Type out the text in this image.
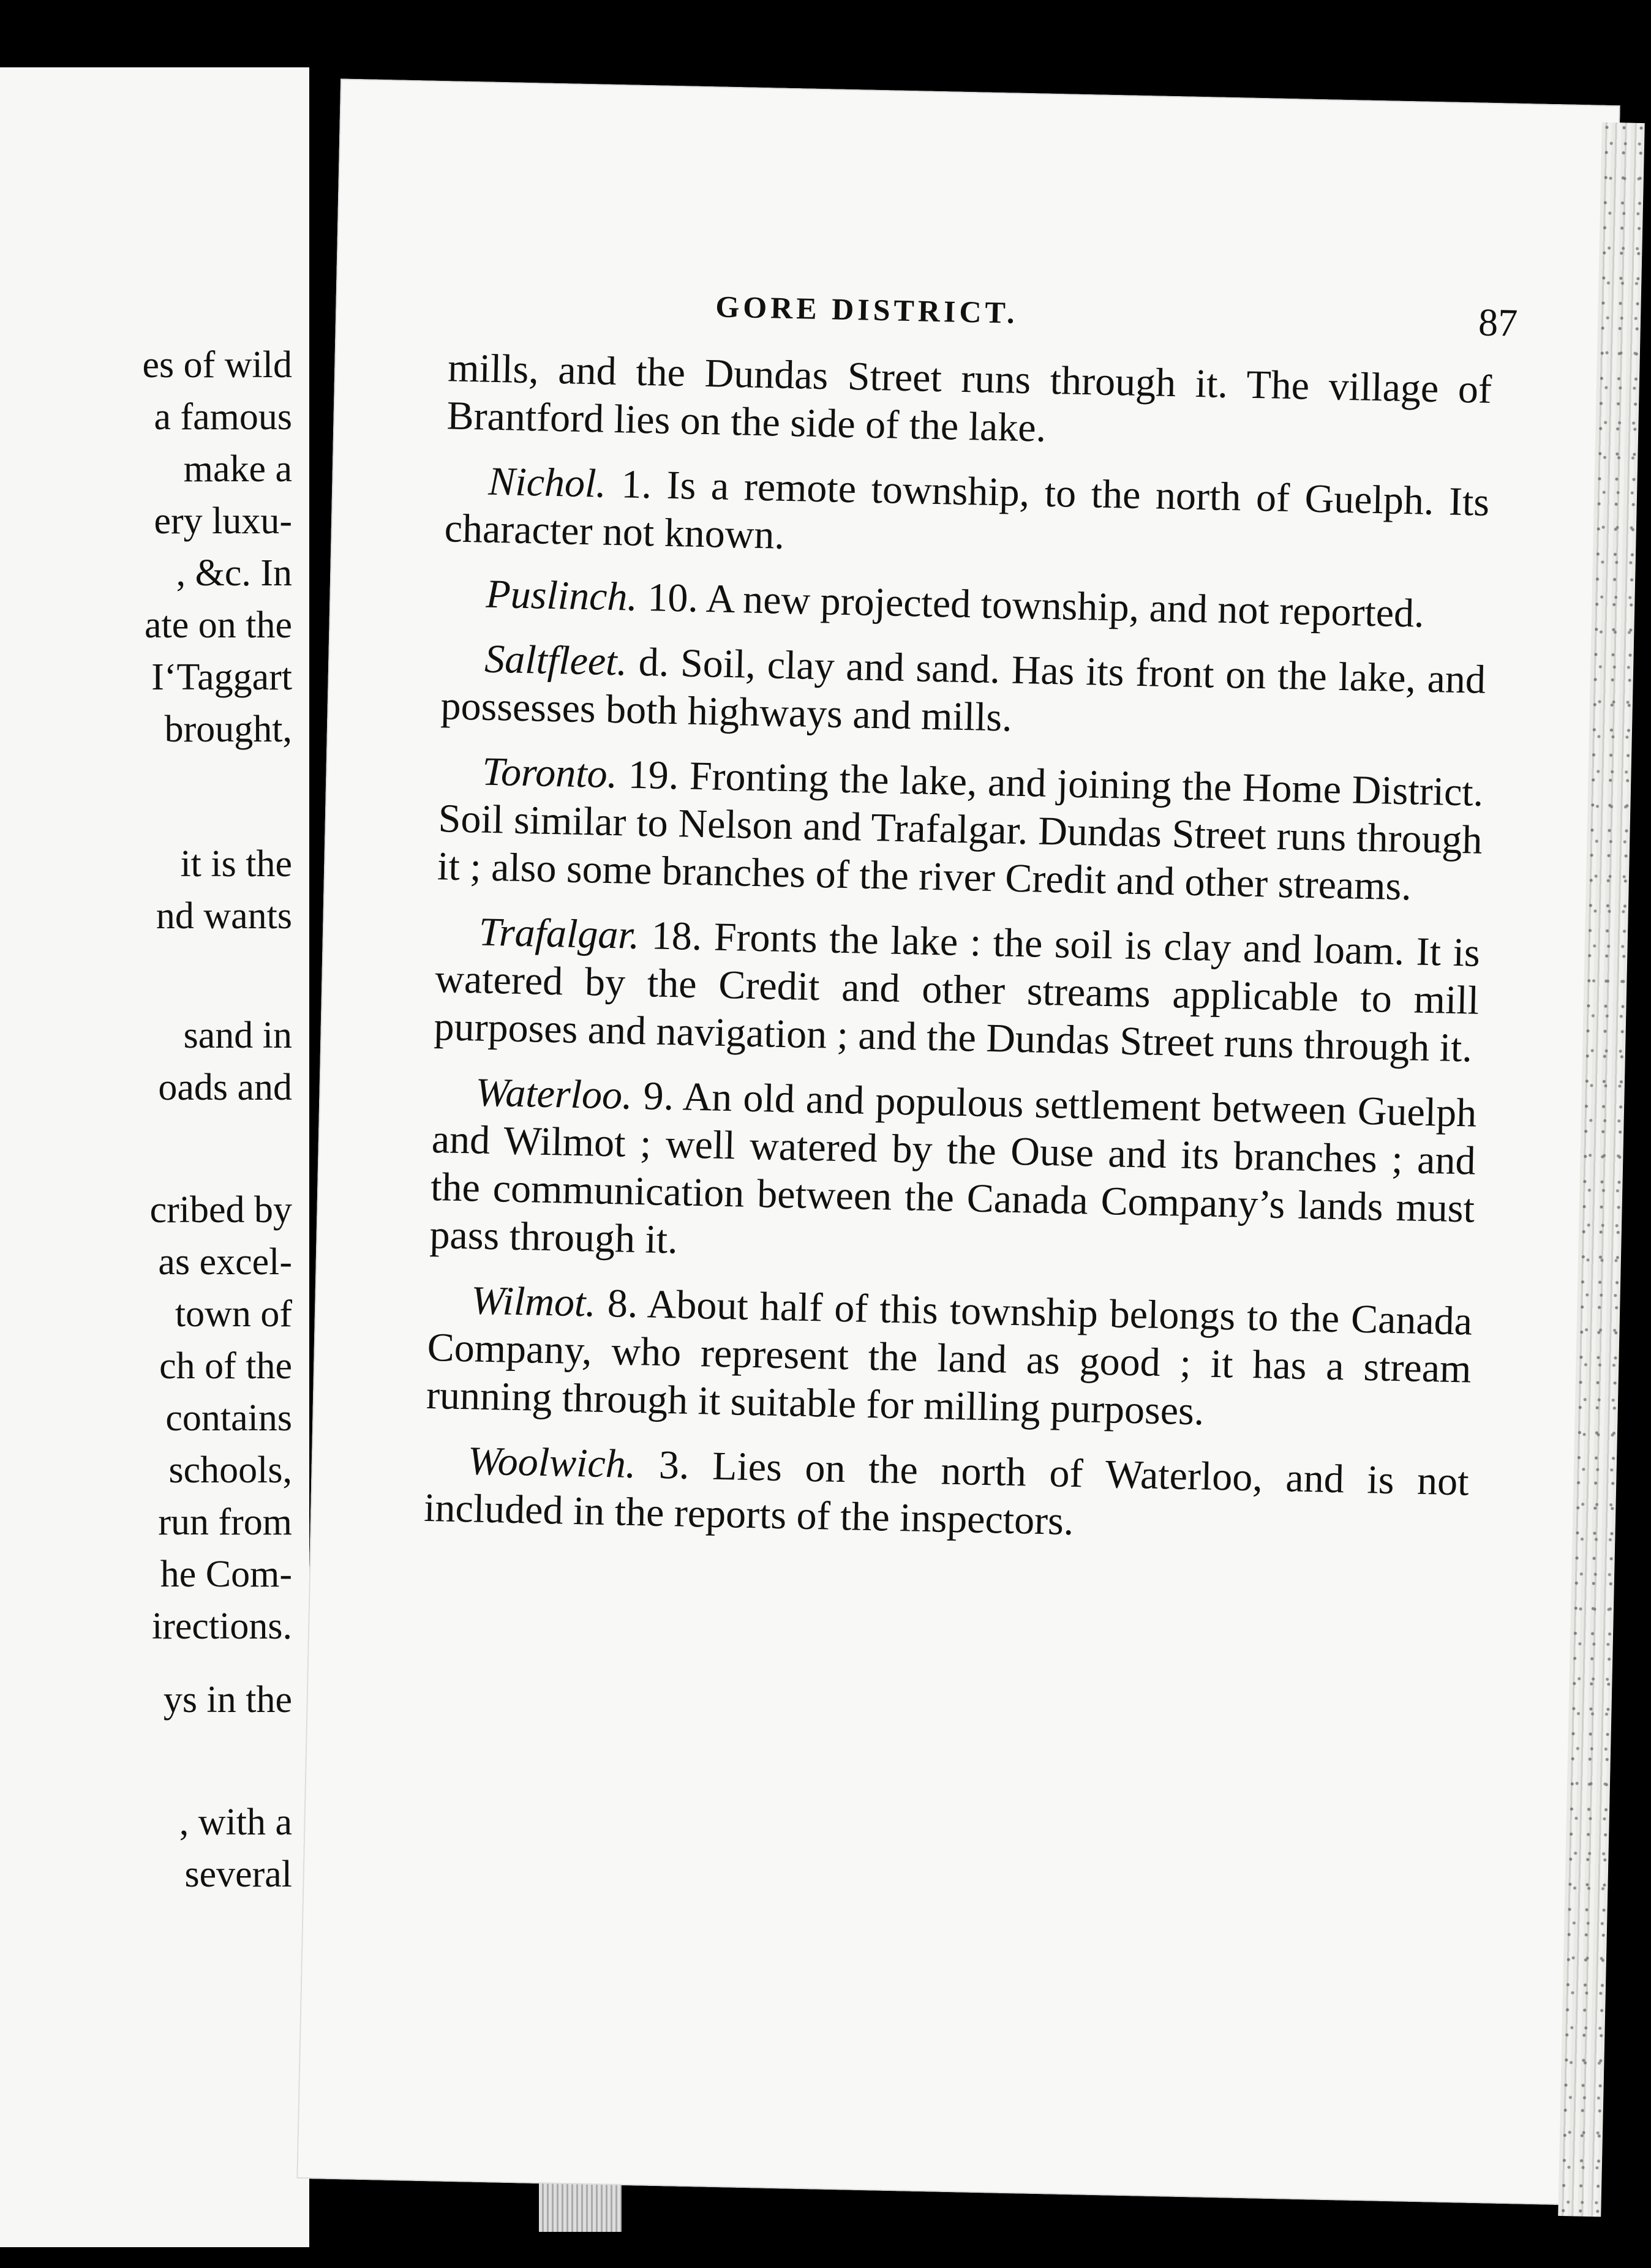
es of wild
a famous
make a
ery luxu-
, &c. In
ate on the
I‘Taggart
brought,
it is the
nd wants
sand in
oads and
cribed by
as excel-
town of
ch of the
contains
schools,
run from
he Com-
irections.
ys in the
, with a
several
GORE DISTRICT.	87

mills, and the Dundas Street runs through it. The village of Brantford lies on the side of the lake.

Nichol. 1. Is a remote township, to the north of Guelph. Its character not known.

Puslinch. 10. A new projected township, and not reported.

Saltfleet. d. Soil, clay and sand. Has its front on the lake, and possesses both highways and mills.

Toronto. 19. Fronting the lake, and joining the Home District. Soil similar to Nelson and Trafalgar. Dundas Street runs through it ; also some branches of the river Credit and other streams.

Trafalgar. 18. Fronts the lake : the soil is clay and loam. It is watered by the Credit and other streams applicable to mill purposes and navigation ; and the Dundas Street runs through it.

Waterloo. 9. An old and populous settlement between Guelph and Wilmot ; well watered by the Ouse and its branches ; and the communication between the Canada Company’s lands must pass through it.

Wilmot. 8. About half of this township belongs to the Canada Company, who represent the land as good ; it has a stream running through it suitable for milling purposes.

Woolwich. 3. Lies on the north of Waterloo, and is not included in the reports of the inspectors.
